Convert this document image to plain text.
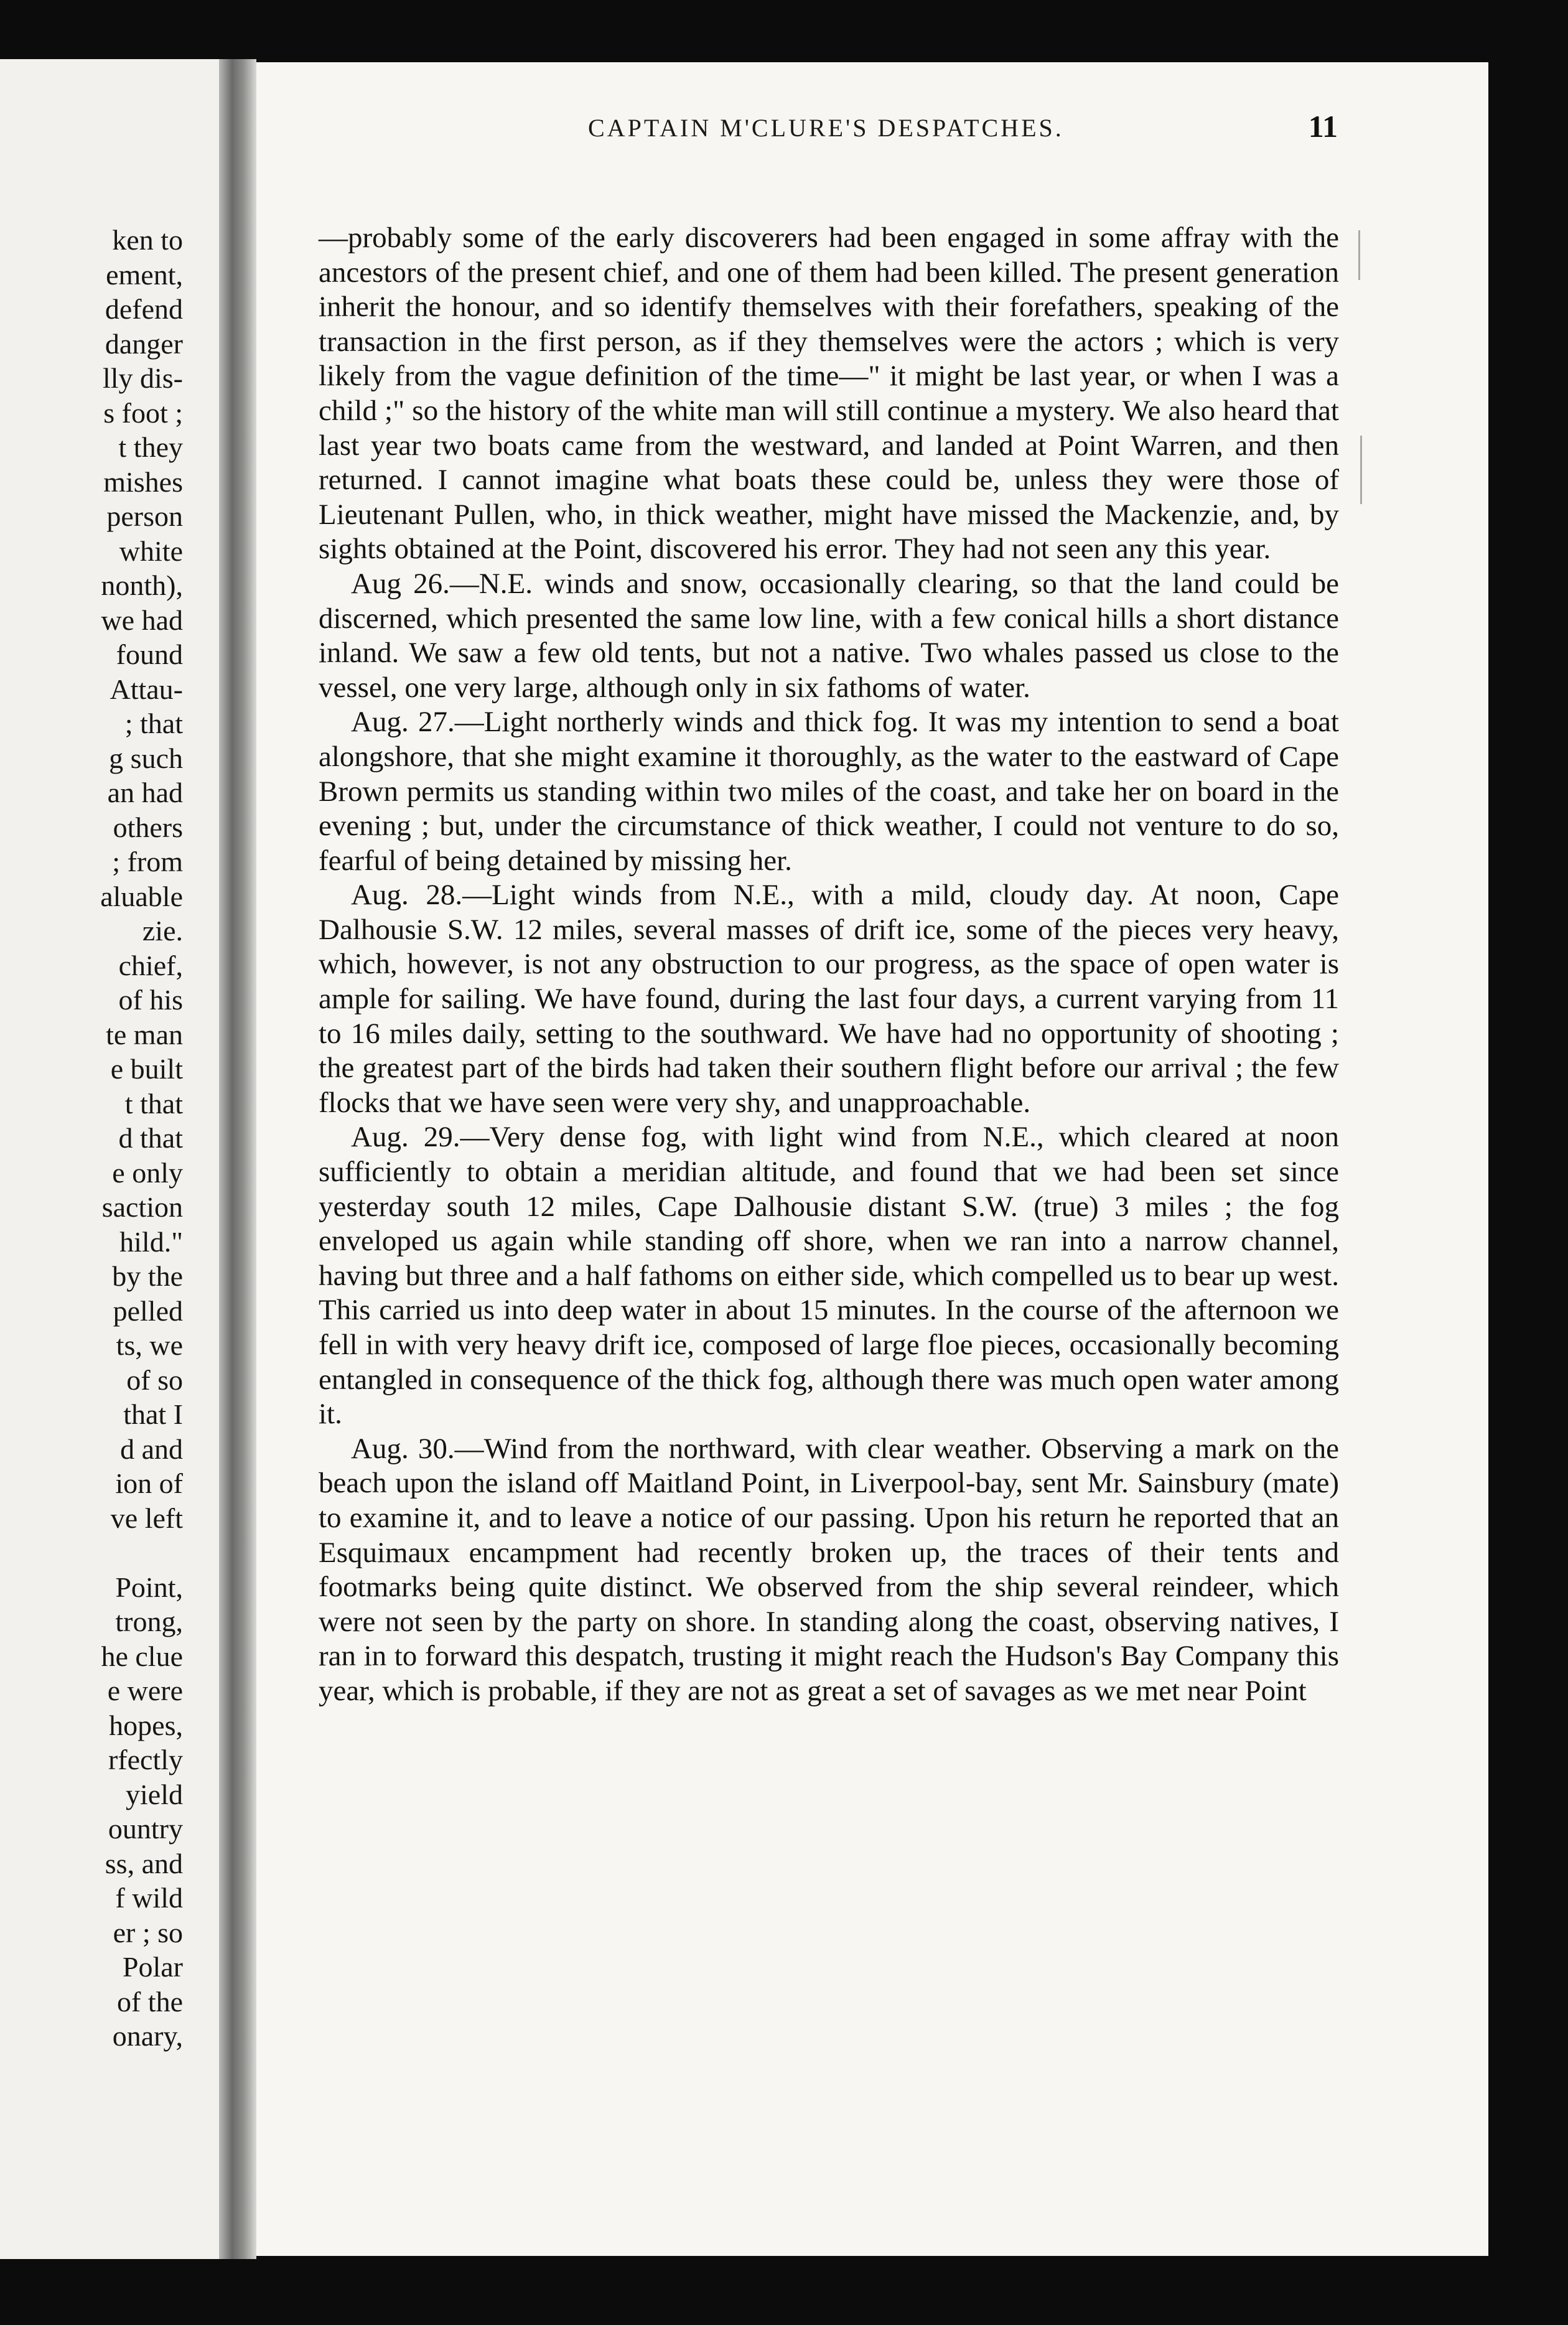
ken to
ement,
defend
danger
lly dis-
s foot ;
t they
mishes
person
white
nonth),
we had
found
Attau-
; that
g such
an had
others
; from
aluable
zie.
chief,
of his
te man
e built
t that
d that
e only
saction
hild."
by the
pelled
ts, we
of so
that I
d and
ion of
ve left

Point,
trong,
he clue
e were
hopes,
rfectly
yield
ountry
ss, and
f wild
er ; so
Polar
of the
onary,
CAPTAIN M'CLURE'S DESPATCHES.	11

—probably some of the early discoverers had been engaged in some affray with the ancestors of the present chief, and one of them had been killed. The present generation inherit the honour, and so identify themselves with their forefathers, speaking of the transaction in the first person, as if they themselves were the actors ; which is very likely from the vague definition of the time—" it might be last year, or when I was a child ;" so the history of the white man will still continue a mystery. We also heard that last year two boats came from the westward, and landed at Point Warren, and then returned. I cannot imagine what boats these could be, unless they were those of Lieutenant Pullen, who, in thick weather, might have missed the Mackenzie, and, by sights obtained at the Point, discovered his error. They had not seen any this year.

Aug 26.—N.E. winds and snow, occasionally clearing, so that the land could be discerned, which presented the same low line, with a few conical hills a short distance inland. We saw a few old tents, but not a native. Two whales passed us close to the vessel, one very large, although only in six fathoms of water.

Aug. 27.—Light northerly winds and thick fog. It was my intention to send a boat alongshore, that she might examine it thoroughly, as the water to the eastward of Cape Brown permits us standing within two miles of the coast, and take her on board in the evening ; but, under the circumstance of thick weather, I could not venture to do so, fearful of being detained by missing her.

Aug. 28.—Light winds from N.E., with a mild, cloudy day. At noon, Cape Dalhousie S.W. 12 miles, several masses of drift ice, some of the pieces very heavy, which, however, is not any obstruction to our progress, as the space of open water is ample for sailing. We have found, during the last four days, a current varying from 11 to 16 miles daily, setting to the southward. We have had no opportunity of shooting ; the greatest part of the birds had taken their southern flight before our arrival ; the few flocks that we have seen were very shy, and unapproachable.

Aug. 29.—Very dense fog, with light wind from N.E., which cleared at noon sufficiently to obtain a meridian altitude, and found that we had been set since yesterday south 12 miles, Cape Dalhousie distant S.W. (true) 3 miles ; the fog enveloped us again while standing off shore, when we ran into a narrow channel, having but three and a half fathoms on either side, which compelled us to bear up west. This carried us into deep water in about 15 minutes. In the course of the afternoon we fell in with very heavy drift ice, composed of large floe pieces, occasionally becoming entangled in consequence of the thick fog, although there was much open water among it.

Aug. 30.—Wind from the northward, with clear weather. Observing a mark on the beach upon the island off Maitland Point, in Liverpool-bay, sent Mr. Sainsbury (mate) to examine it, and to leave a notice of our passing. Upon his return he reported that an Esquimaux encampment had recently broken up, the traces of their tents and footmarks being quite distinct. We observed from the ship several reindeer, which were not seen by the party on shore. In standing along the coast, observing natives, I ran in to forward this despatch, trusting it might reach the Hudson's Bay Company this year, which is probable, if they are not as great a set of savages as we met near Point
